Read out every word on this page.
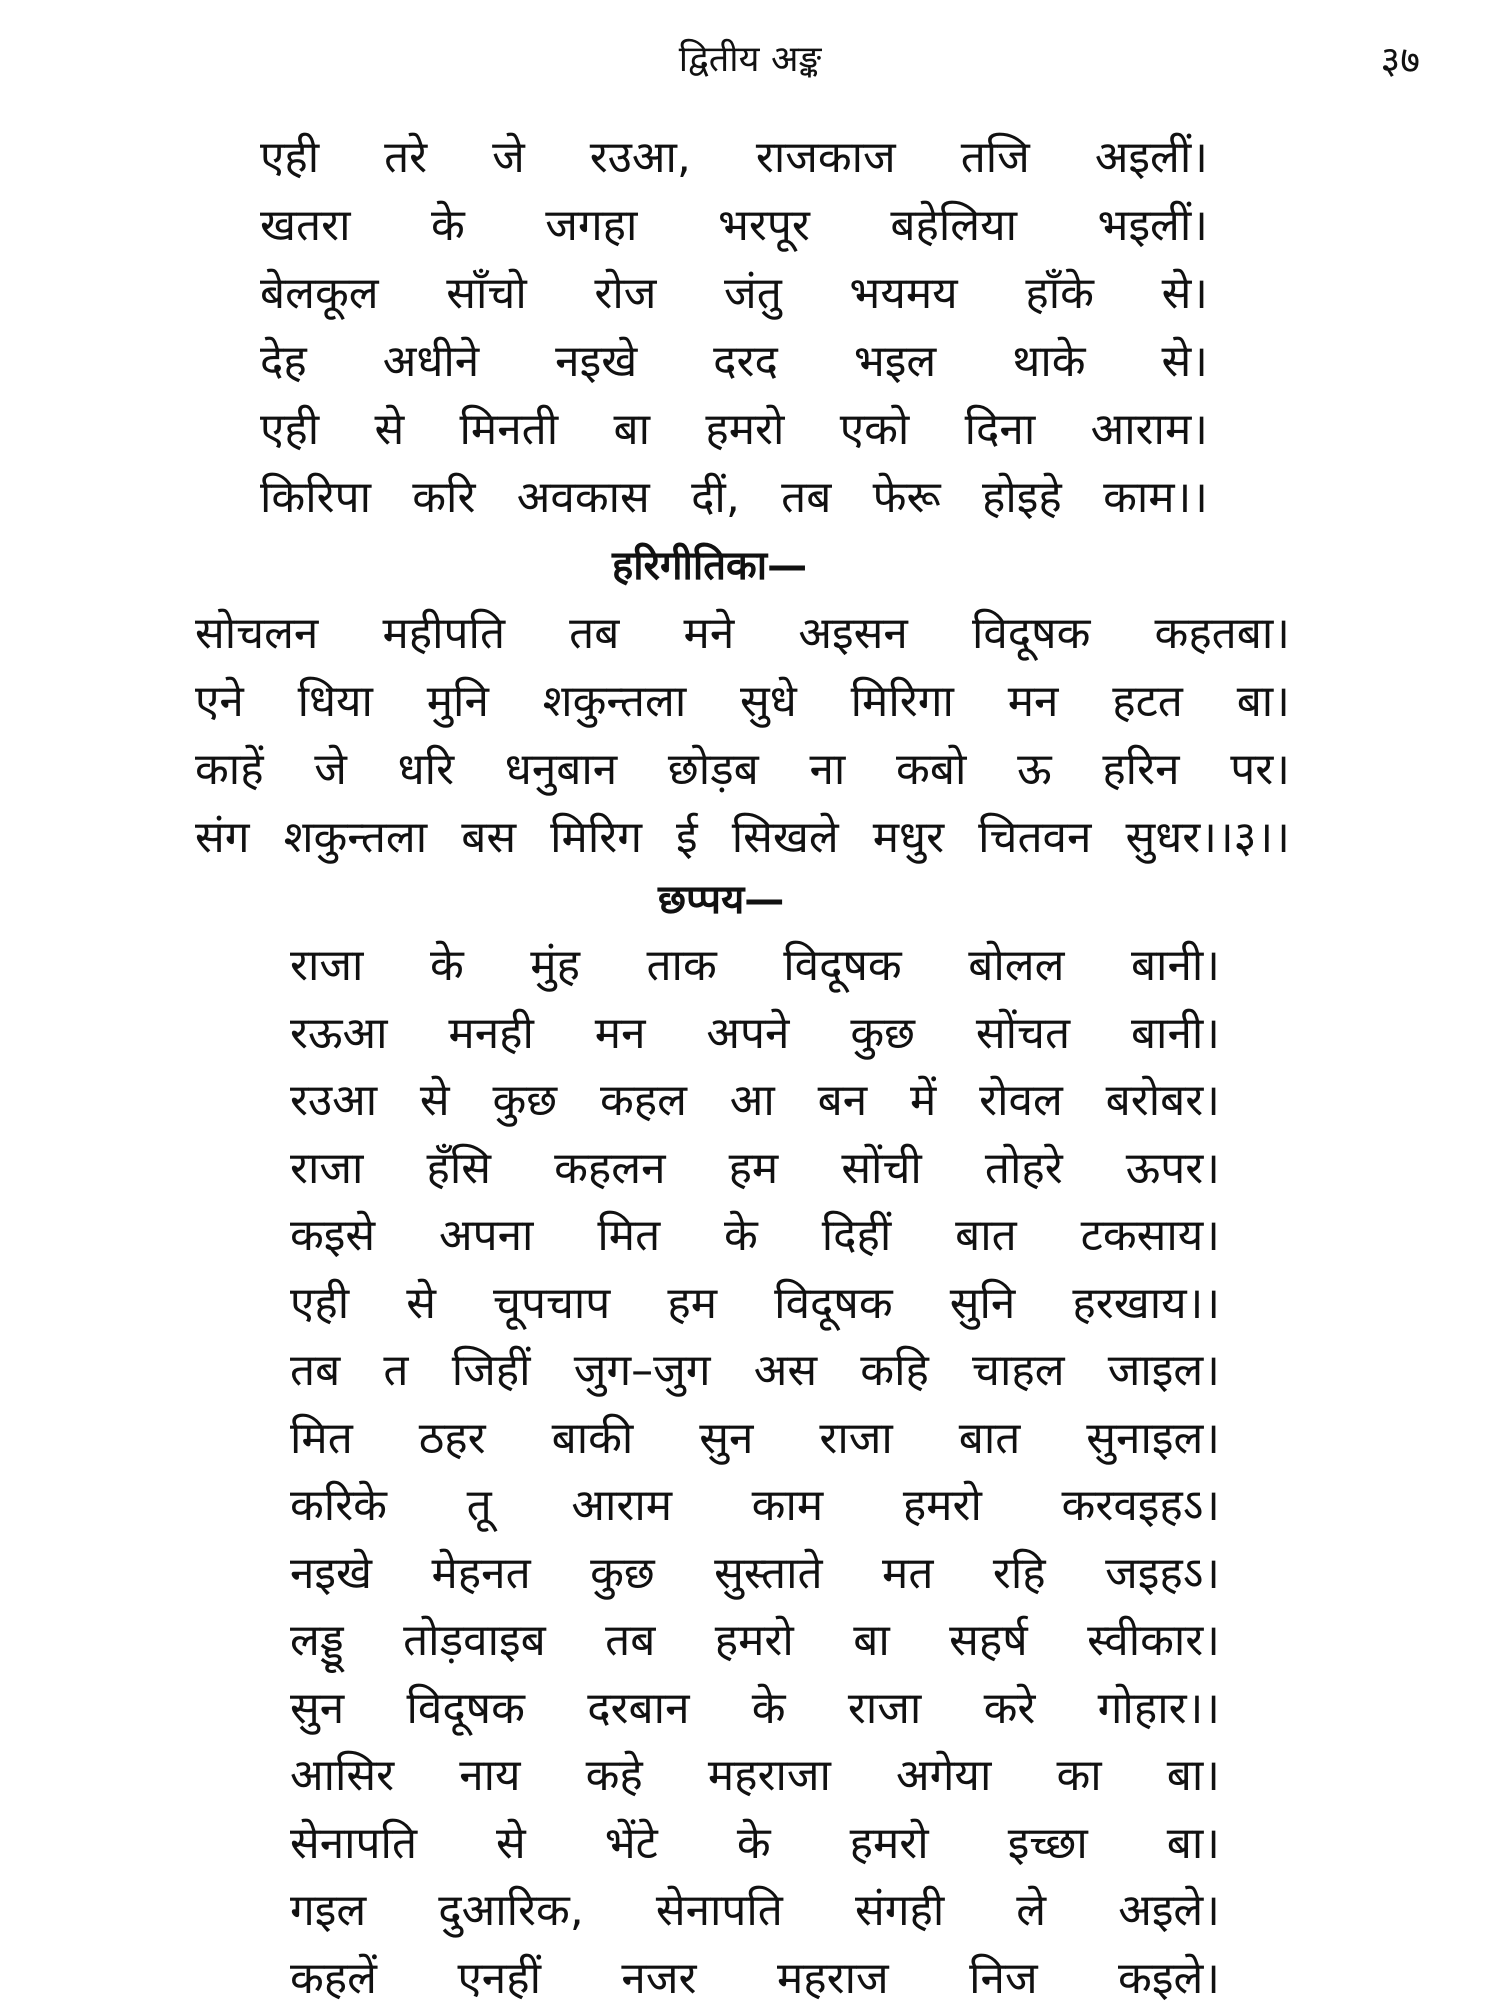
द्वितीय अङ्क	३७
एही तरे जे रउआ, राजकाज तजि अइलीं।
खतरा के जगहा भरपूर बहेलिया भइलीं।
बेलकूल साँचो रोज जंतु भयमय हाँके से।
देह अधीने नइखे दरद भइल थाके से।
एही से मिनती बा हमरो एको दिना आराम।
किरिपा करि अवकास दीं, तब फेरू होइहे काम।।
हरिगीतिका—
सोचलन महीपति तब मने अइसन विदूषक कहतबा।
एने धिया मुनि शकुन्तला सुधे मिरिगा मन हटत बा।
काहें जे धरि धनुबान छोड़ब ना कबो ऊ हरिन पर।
संग शकुन्तला बस मिरिग ई सिखले मधुर चितवन सुधर।।३।।
छप्पय—
राजा के मुंह ताक विदूषक बोलल बानी।
रऊआ मनही मन अपने कुछ सोंचत बानी।
रउआ से कुछ कहल आ बन में रोवल बरोबर।
राजा हँसि कहलन हम सोंची तोहरे ऊपर।
कइसे अपना मित के दिहीं बात टकसाय।
एही से चूपचाप हम विदूषक सुनि हरखाय।।
तब त जिहीं जुग–जुग अस कहि चाहल जाइल।
मित ठहर बाकी सुन राजा बात सुनाइल।
करिके तू आराम काम हमरो करवइहऽ।
नइखे मेहनत कुछ सुस्ताते मत रहि जइहऽ।
लड्डू तोड़वाइब तब हमरो बा सहर्ष स्वीकार।
सुन विदूषक दरबान के राजा करे गोहार।।
आसिर नाय कहे महराजा अगेया का बा।
सेनापति से भेंटे के हमरो इच्छा बा।
गइल दुआरिक, सेनापति संगही ले अइले।
कहलें एनहीं नजर महराज निज कइले।
